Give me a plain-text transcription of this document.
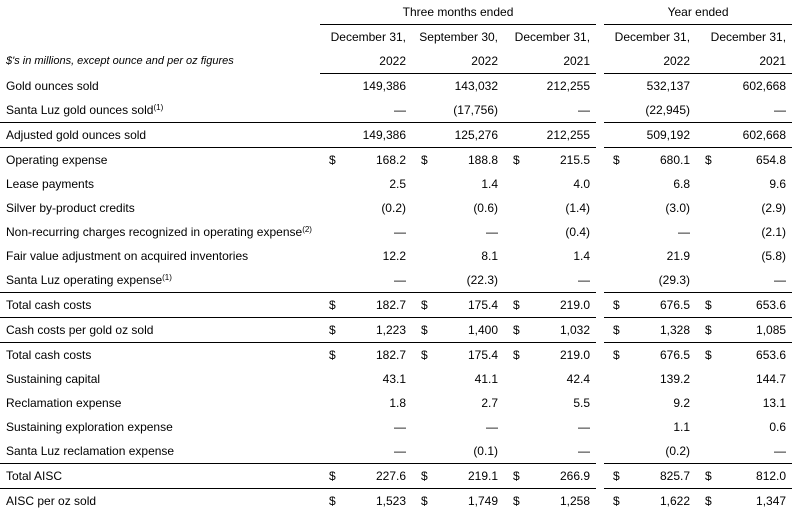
	Three months ended							Year ended			
	December 31,		September 30,		December 31,			December 31,		December 31,	
$'s in millions, except ounce and per oz figures	2022		2022		2021			2022		2021	
Gold ounces sold		149,386		143,032		212,255			532,137		602,668
Santa Luz gold ounces sold$^{(1)}$		—		(17,756)		—			(22,945)		—
Adjusted gold ounces sold		149,386		125,276		212,255			509,192		602,668
Operating expense	$	168.2	$	188.8	$	215.5		$	680.1	$	654.8
Lease payments		2.5		1.4		4.0			6.8		9.6
Silver by-product credits		(0.2)		(0.6)		(1.4)			(3.0)		(2.9)
Non-recurring charges recognized in operating expense$^{(2)}$		—		—		(0.4)			—		(2.1)
Fair value adjustment on acquired inventories		12.2		8.1		1.4			21.9		(5.8)
Santa Luz operating expense$^{(1)}$		—		(22.3)		—			(29.3)		—
Total cash costs	$	182.7	$	175.4	$	219.0		$	676.5	$	653.6
Cash costs per gold oz sold	$	1,223	$	1,400	$	1,032		$	1,328	$	1,085
Total cash costs	$	182.7	$	175.4	$	219.0		$	676.5	$	653.6
Sustaining capital		43.1		41.1		42.4			139.2		144.7
Reclamation expense		1.8		2.7		5.5			9.2		13.1
Sustaining exploration expense		—		—		—			1.1		0.6
Santa Luz reclamation expense		—		(0.1)		—			(0.2)		—
Total AISC	$	227.6	$	219.1	$	266.9		$	825.7	$	812.0
AISC per oz sold	$	1,523	$	1,749	$	1,258		$	1,622	$	1,347
